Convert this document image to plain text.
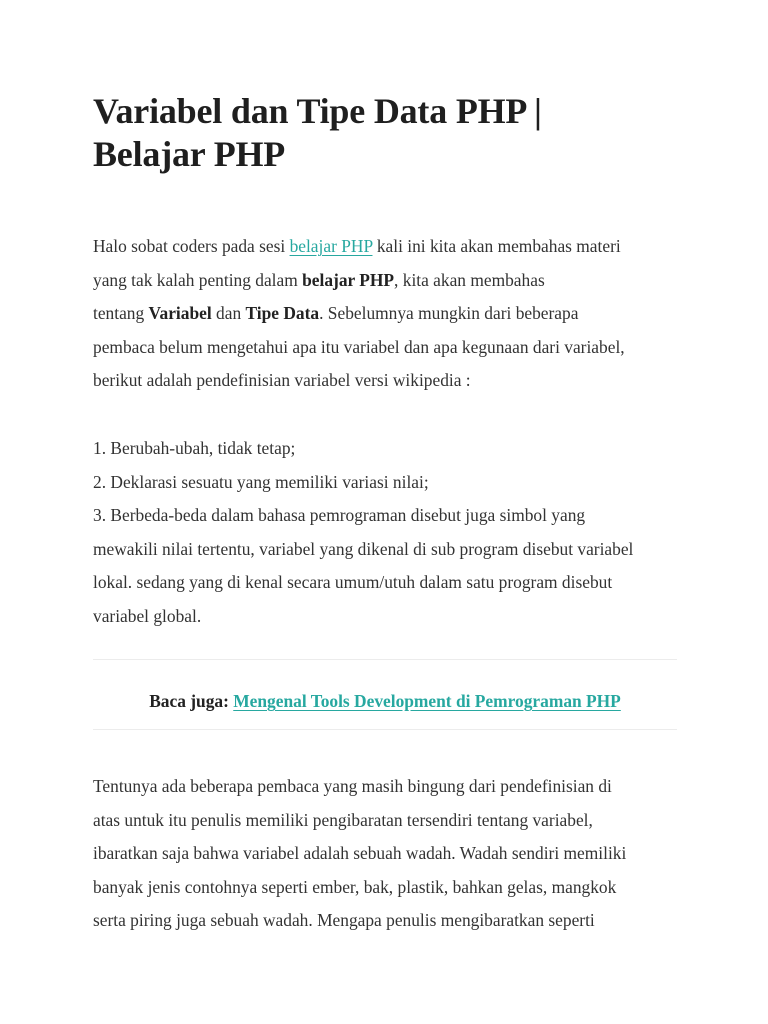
Variabel dan Tipe Data PHP |
Belajar PHP
Halo sobat coders pada sesi belajar PHP kali ini kita akan membahas materi
yang tak kalah penting dalam belajar PHP, kita akan membahas
tentang Variabel dan Tipe Data. Sebelumnya mungkin dari beberapa
pembaca belum mengetahui apa itu variabel dan apa kegunaan dari variabel,
berikut adalah pendefinisian variabel versi wikipedia :
1. Berubah-ubah, tidak tetap;
2. Deklarasi sesuatu yang memiliki variasi nilai;
3. Berbeda-beda dalam bahasa pemrograman disebut juga simbol yang
mewakili nilai tertentu, variabel yang dikenal di sub program disebut variabel
lokal. sedang yang di kenal secara umum/utuh dalam satu program disebut
variabel global.
Baca juga: Mengenal Tools Development di Pemrograman PHP
Tentunya ada beberapa pembaca yang masih bingung dari pendefinisian di
atas untuk itu penulis memiliki pengibaratan tersendiri tentang variabel,
ibaratkan saja bahwa variabel adalah sebuah wadah. Wadah sendiri memiliki
banyak jenis contohnya seperti ember, bak, plastik, bahkan gelas, mangkok
serta piring juga sebuah wadah. Mengapa penulis mengibaratkan seperti
